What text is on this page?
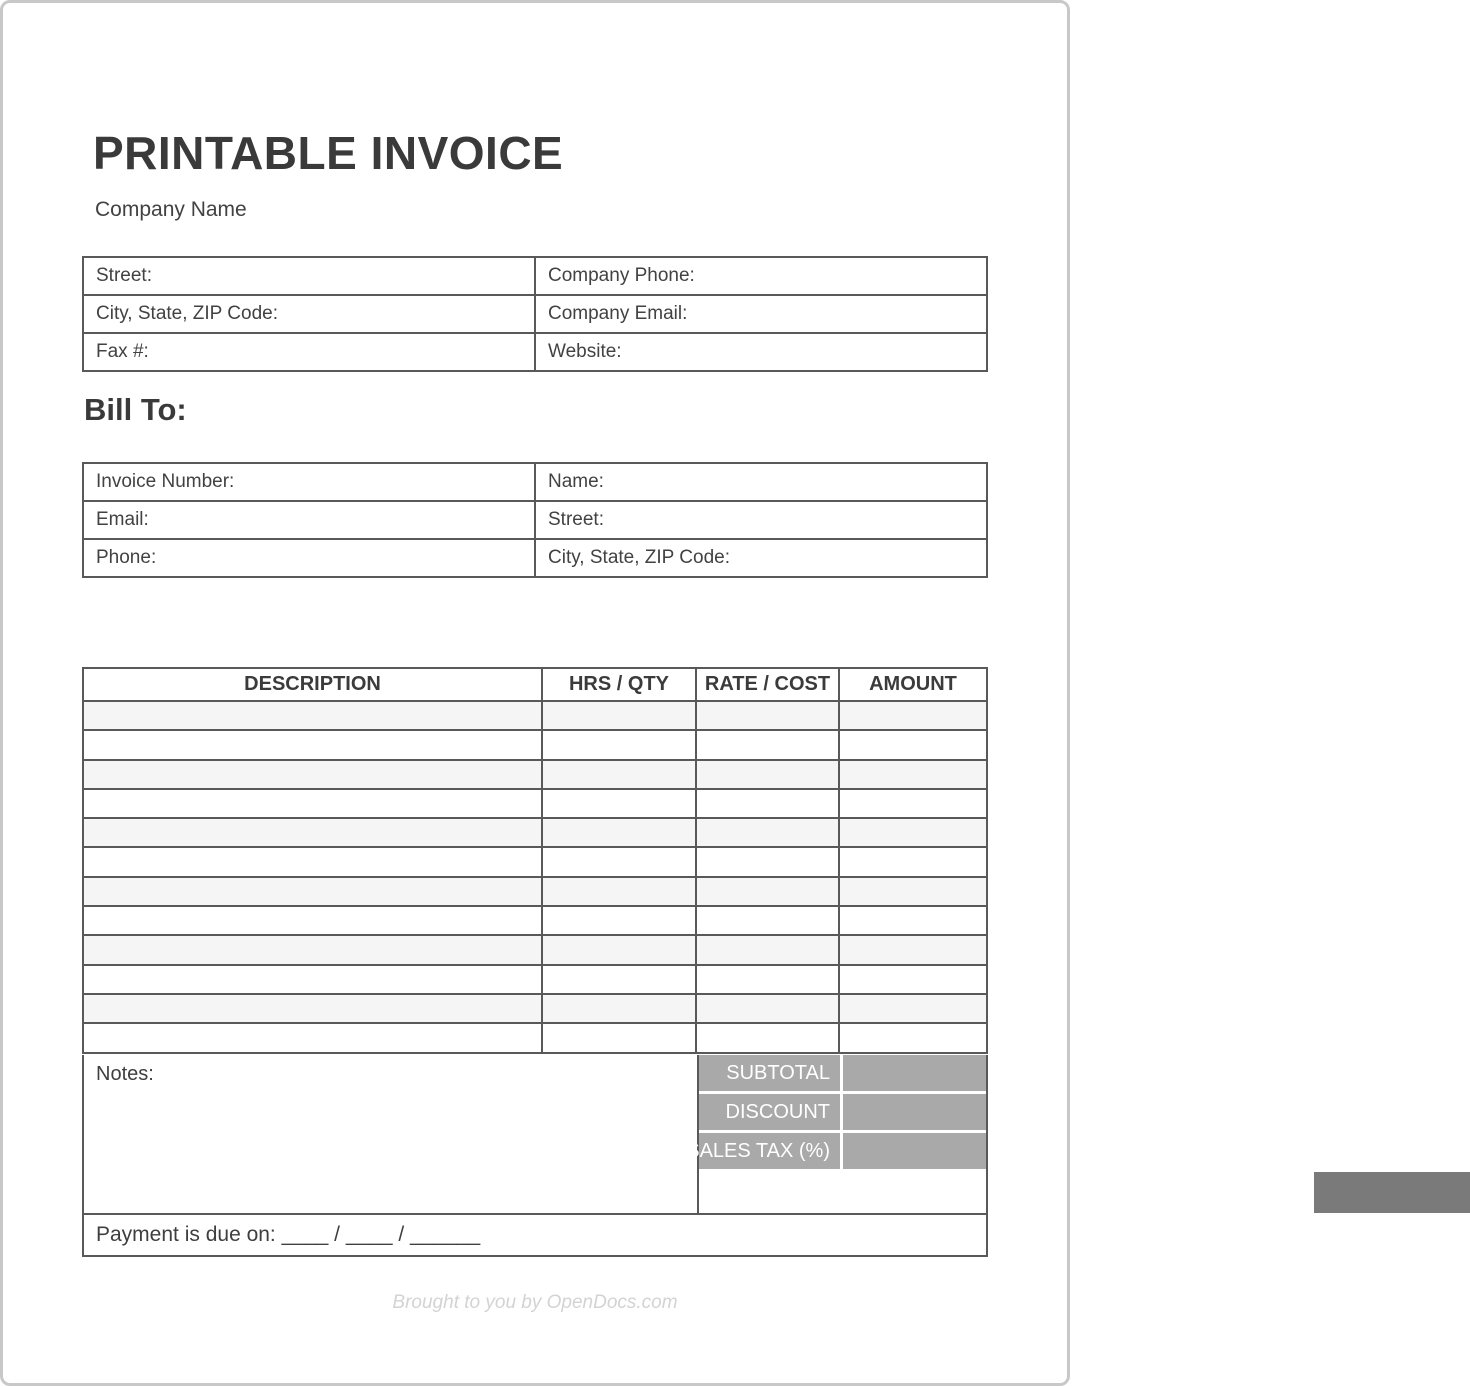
PRINTABLE INVOICE
Company Name
Street:	Company Phone:
City, State, ZIP Code:	Company Email:
Fax #:	Website:
Bill To:
Invoice Number:	Name:
Email:	Street:
Phone:	City, State, ZIP Code:
DESCRIPTION	HRS / QTY	RATE / COST	AMOUNT
Notes:	SUBTOTAL
DISCOUNT
SALES TAX (%)
TOTAL
Payment is due on: ____ / ____ / ______
Brought to you by OpenDocs.com
